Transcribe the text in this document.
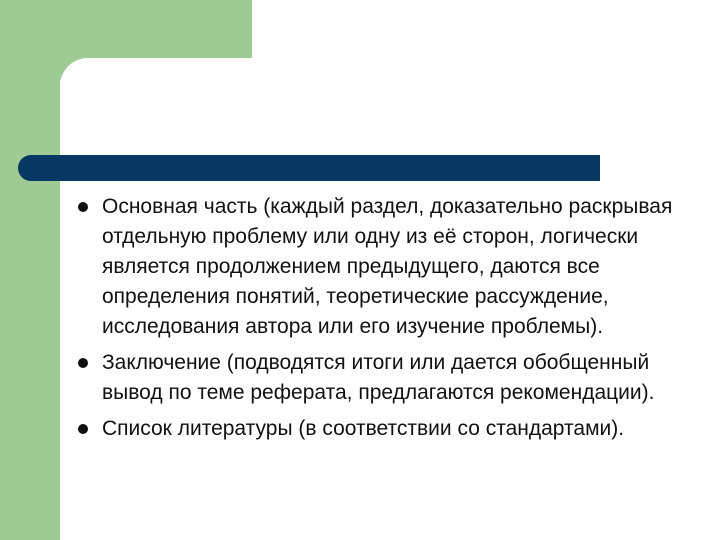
Основная часть (каждый раздел, доказательно раскрывая отдельную проблему или одну из её сторон, логически является продолжением предыдущего, даются все определения понятий, теоретические рассуждение, исследования автора или его изучение проблемы).
Заключение (подводятся итоги или дается обобщенный вывод по теме реферата, предлагаются рекомендации).
Список литературы (в соответствии со стандартами).
